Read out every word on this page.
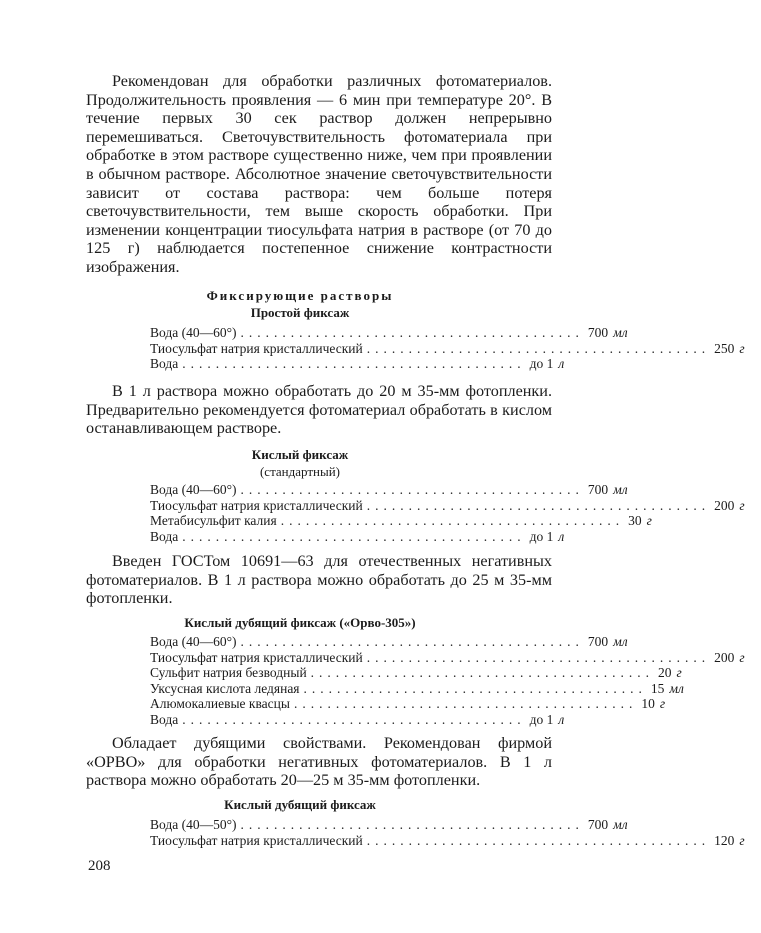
Рекомендован для обработки различных фотоматериалов. Продолжительность проявления — 6 мин при температуре 20°. В течение первых 30 сек раствор должен непрерывно перемешиваться. Светочувствительность фотоматериала при обработке в этом растворе существенно ниже, чем при проявлении в обычном растворе. Абсолютное значение светочувствительности зависит от состава раствора: чем больше потеря светочувствительности, тем выше скорость обработки. При изменении концентрации тиосульфата натрия в растворе (от 70 до 125 г) наблюдается постепенное снижение контрастности изображения.

Фиксирующие растворы

Простой фиксаж

Вода (40—60°) ......................................... 700 мл
Тиосульфат натрия кристаллический ......................................... 250 г
Вода ......................................... до 1 л

В 1 л раствора можно обработать до 20 м 35-мм фотопленки. Предварительно рекомендуется фотоматериал обработать в кислом останавливающем растворе.

Кислый фиксаж

(стандартный)

Вода (40—60°) ......................................... 700 мл
Тиосульфат натрия кристаллический ......................................... 200 г
Метабисульфит калия ......................................... 30 г
Вода ......................................... до 1 л

Введен ГОСТом 10691—63 для отечественных негативных фотоматериалов. В 1 л раствора можно обработать до 25 м 35-мм фотопленки.

Кислый дубящий фиксаж («Орво-305»)

Вода (40—60°) ......................................... 700 мл
Тиосульфат натрия кристаллический ......................................... 200 г
Сульфит натрия безводный ......................................... 20 г
Уксусная кислота ледяная ......................................... 15 мл
Алюмокалиевые квасцы ......................................... 10 г
Вода ......................................... до 1 л

Обладает дубящими свойствами. Рекомендован фирмой «ОРВО» для обработки негативных фотоматериалов. В 1 л раствора можно обработать 20—25 м 35-мм фотопленки.

Кислый дубящий фиксаж

Вода (40—50°) ......................................... 700 мл
Тиосульфат натрия кристаллический ......................................... 120 г

208
